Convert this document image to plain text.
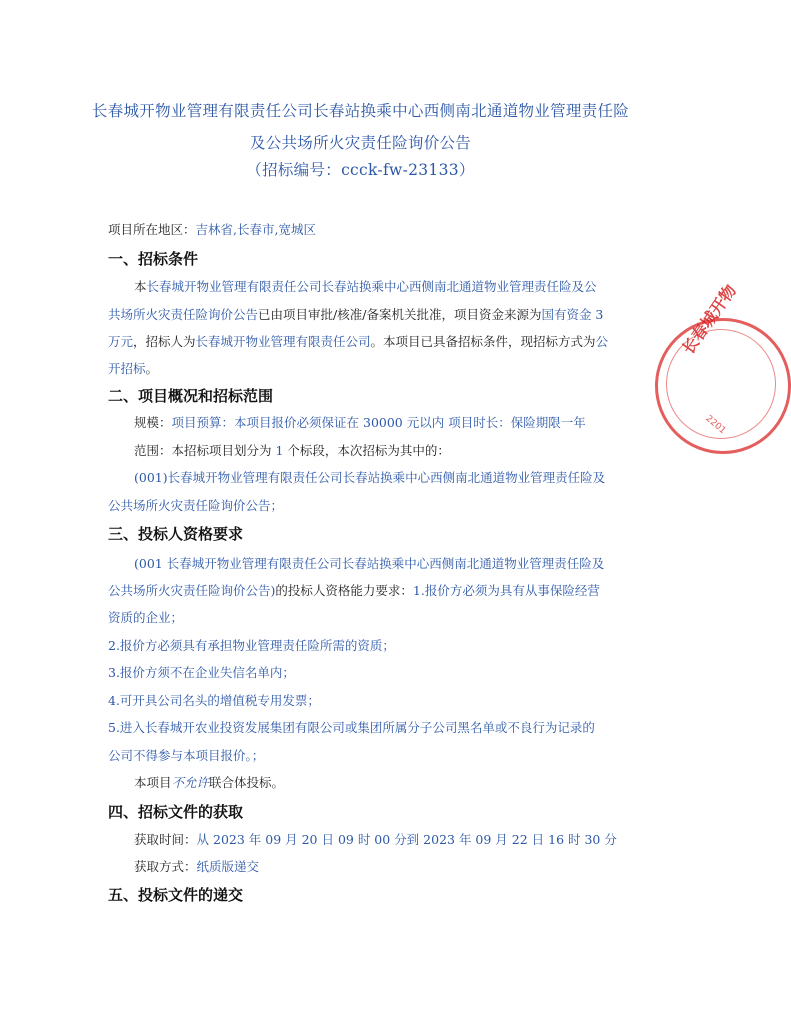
长春城开物业管理有限责任公司长春站换乘中心西侧南北通道物业管理责任险
及公共场所火灾责任险询价公告
（招标编号：ccck-fw-23133）
项目所在地区：吉林省,长春市,宽城区
一、招标条件
本长春城开物业管理有限责任公司长春站换乘中心西侧南北通道物业管理责任险及公
共场所火灾责任险询价公告已由项目审批/核准/备案机关批准，项目资金来源为国有资金 3
万元，招标人为长春城开物业管理有限责任公司。本项目已具备招标条件，现招标方式为公
开招标。
二、项目概况和招标范围
规模：项目预算：本项目报价必须保证在 30000 元以内 项目时长：保险期限一年
范围：本招标项目划分为 1 个标段，本次招标为其中的：
(001)长春城开物业管理有限责任公司长春站换乘中心西侧南北通道物业管理责任险及
公共场所火灾责任险询价公告；
三、投标人资格要求
(001 长春城开物业管理有限责任公司长春站换乘中心西侧南北通道物业管理责任险及
公共场所火灾责任险询价公告)的投标人资格能力要求：1.报价方必须为具有从事保险经营
资质的企业；
2.报价方必须具有承担物业管理责任险所需的资质；
3.报价方须不在企业失信名单内；
4.可开具公司名头的增值税专用发票；
5.进入长春城开农业投资发展集团有限公司或集团所属分子公司黑名单或不良行为记录的
公司不得参与本项目报价。；
本项目不允许联合体投标。
四、招标文件的获取
获取时间：从 2023 年 09 月 20 日 09 时 00 分到 2023 年 09 月 22 日 16 时 30 分
获取方式：纸质版递交
五、投标文件的递交
长春城开物
2201
